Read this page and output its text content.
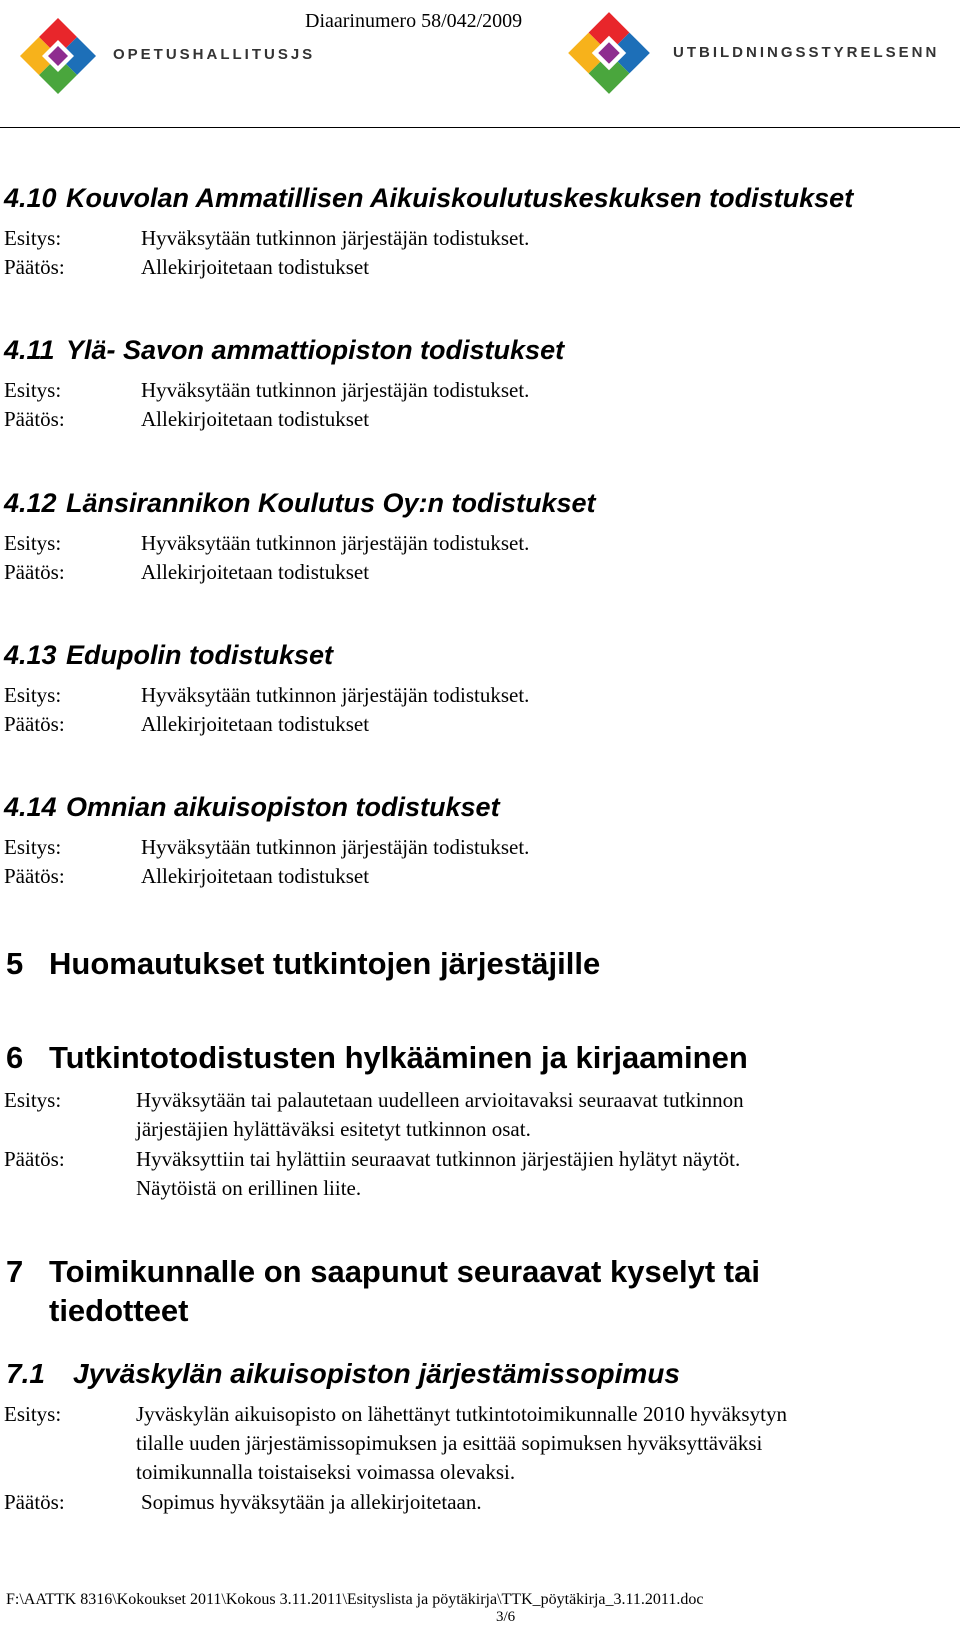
OPETUSHALLITUSJS
Diaarinumero 58/042/2009
UTBILDNINGSSTYRELSENN
4.10 Kouvolan Ammatillisen Aikuiskoulutuskeskuksen todistukset
Esitys:	Hyväksytään tutkinnon järjestäjän todistukset.
Päätös:	Allekirjoitetaan todistukset
4.11 Ylä- Savon ammattiopiston todistukset
Esitys:	Hyväksytään tutkinnon järjestäjän todistukset.
Päätös:	Allekirjoitetaan todistukset
4.12 Länsirannikon Koulutus Oy:n todistukset
Esitys:	Hyväksytään tutkinnon järjestäjän todistukset.
Päätös:	Allekirjoitetaan todistukset
4.13 Edupolin todistukset
Esitys:	Hyväksytään tutkinnon järjestäjän todistukset.
Päätös:	Allekirjoitetaan todistukset
4.14 Omnian aikuisopiston todistukset
Esitys:	Hyväksytään tutkinnon järjestäjän todistukset.
Päätös:	Allekirjoitetaan todistukset
5 Huomautukset tutkintojen järjestäjille
6 Tutkintotodistusten hylkääminen ja kirjaaminen
Esitys:	Hyväksytään tai palautetaan uudelleen arvioitavaksi seuraavat tutkinnon
järjestäjien hylättäväksi esitetyt tutkinnon osat.
Päätös:	Hyväksyttiin tai hylättiin seuraavat tutkinnon järjestäjien hylätyt näytöt.
Näytöistä on erillinen liite.
7 Toimikunnalle on saapunut seuraavat kyselyt tai
tiedotteet
7.1 Jyväskylän aikuisopiston järjestämissopimus
Esitys:	Jyväskylän aikuisopisto on lähettänyt tutkintotoimikunnalle 2010 hyväksytyn
tilalle uuden järjestämissopimuksen ja esittää sopimuksen hyväksyttäväksi
toimikunnalla toistaiseksi voimassa olevaksi.
Päätös:	Sopimus hyväksytään ja allekirjoitetaan.
F:\AATTK 8316\Kokoukset 2011\Kokous 3.11.2011\Esityslista ja pöytäkirja\TTK_pöytäkirja_3.11.2011.doc
3/6
